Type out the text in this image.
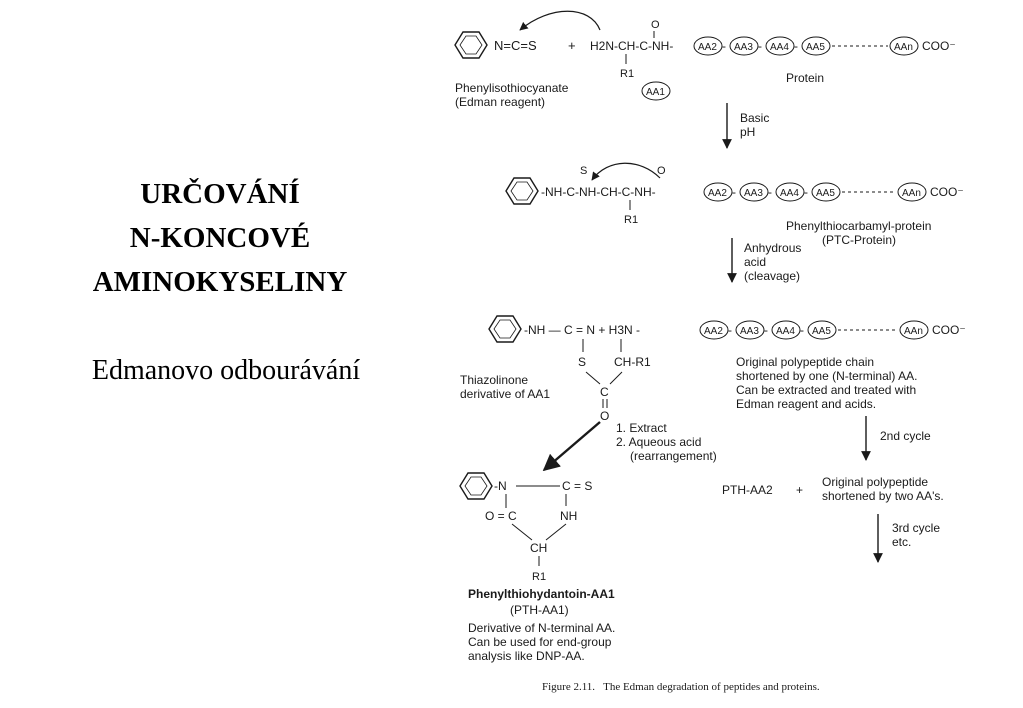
URČOVÁNÍ
N-KONCOVÉ
AMINOKYSELINY
Edmanovo odbourávání
N=C=S + H2N-CH-C-NH-
O
R1
AA1
AA2 - AA3 - AA4 - AA5	AAn COO⁻
Phenylisothiocyanate
(Edman reagent)
Protein
Basic
pH
-NH-C-NH-CH-C-NH-
S	O
R1
AA2 - AA3 - AA4 - AA5	AAn COO⁻
Phenylthiocarbamyl-protein
(PTC-Protein)
Anhydrous
acid
(cleavage)
-NH — C = N + H3N -
S CH-R1
C
O
AA2 - AA3 - AA4 - AA5	AAn COO⁻
Thiazolinone
derivative of AA1
Original polypeptide chain
shortened by one (N-terminal) AA.
Can be extracted and treated with
Edman reagent and acids.
1. Extract
2. Aqueous acid
(rearrangement)
2nd cycle
PTH-AA2 +
Original polypeptide
shortened by two AA's.
3rd cycle
etc.
-N	C = S
NH
O = C
CH
R1
Phenylthiohydantoin-AA1
(PTH-AA1)
Derivative of N-terminal AA.
Can be used for end-group
analysis like DNP-AA.
Figure 2.11.   The Edman degradation of peptides and proteins.
